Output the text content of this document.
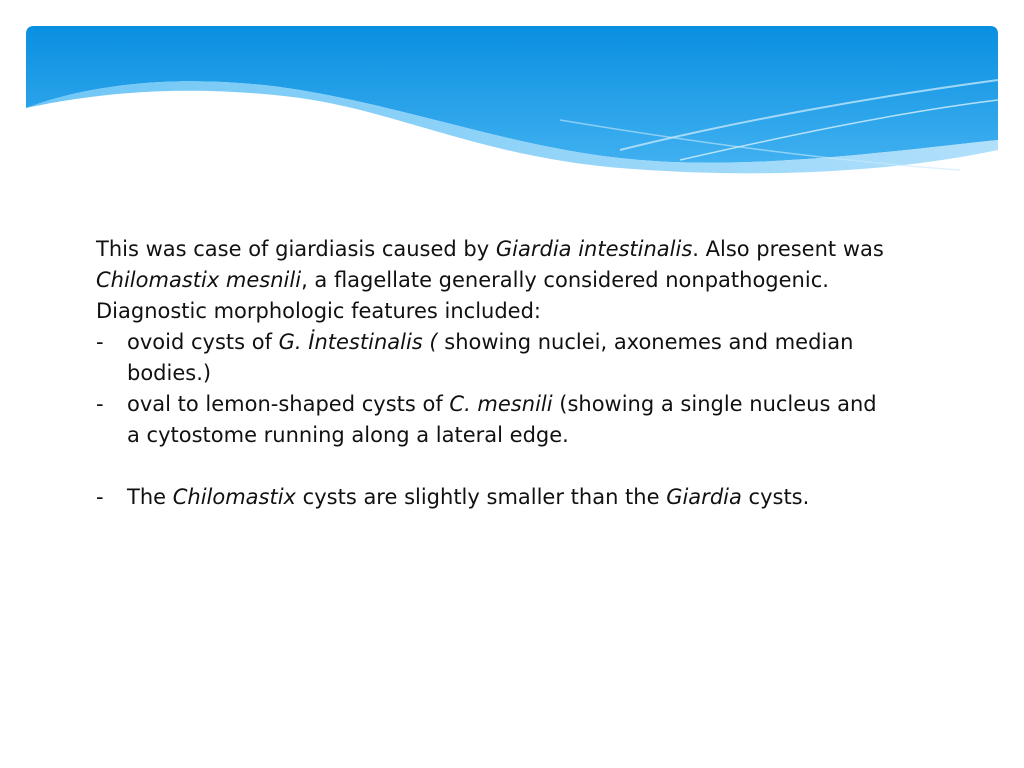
This was case of giardiasis caused by Giardia intestinalis. Also present was Chilomastix mesnili, a flagellate generally considered nonpathogenic. Diagnostic morphologic features included:

- ovoid cysts of G. İntestinalis ( showing nuclei, axonemes and median bodies.)
- oval to lemon-shaped cysts of C. mesnili (showing a single nucleus and a cytostome running along a lateral edge.
- The Chilomastix cysts are slightly smaller than the Giardia cysts.
